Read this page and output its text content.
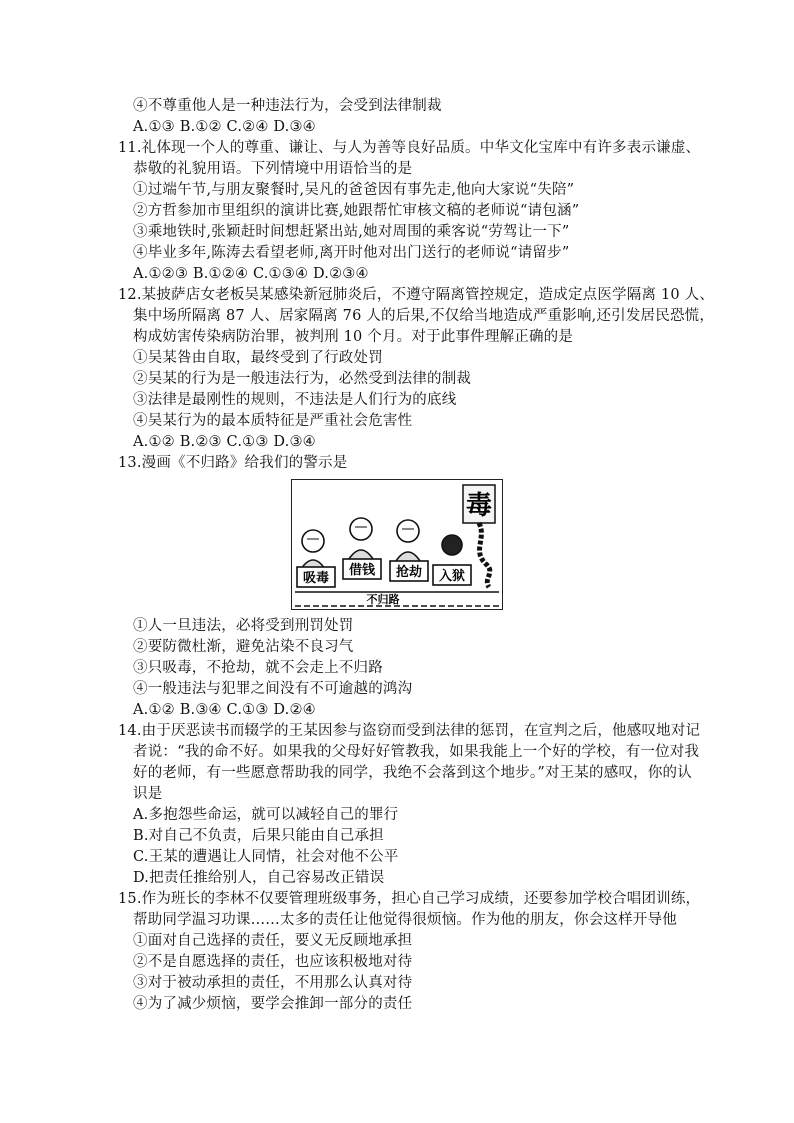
④不尊重他人是一种违法行为，会受到法律制裁
A.①③ B.①② C.②④ D.③④
11.礼体现一个人的尊重、谦让、与人为善等良好品质。中华文化宝库中有许多表示谦虚、
恭敬的礼貌用语。下列情境中用语恰当的是
①过端午节,与朋友聚餐时,吴凡的爸爸因有事先走,他向大家说“失陪”
②方哲参加市里组织的演讲比赛,她跟帮忙审核文稿的老师说“请包涵”
③乘地铁时,张颖赶时间想赶紧出站,她对周围的乘客说“劳驾让一下”
④毕业多年,陈涛去看望老师,离开时他对出门送行的老师说“请留步”
A.①②③ B.①②④ C.①③④ D.②③④
12.某披萨店女老板吴某感染新冠肺炎后，不遵守隔离管控规定，造成定点医学隔离 10 人、
集中场所隔离 87 人、居家隔离 76 人的后果,不仅给当地造成严重影响,还引发居民恐慌，
构成妨害传染病防治罪，被判刑 10 个月。对于此事件理解正确的是
①吴某咎由自取，最终受到了行政处罚
②吴某的行为是一般违法行为，必然受到法律的制裁
③法律是最刚性的规则，不违法是人们行为的底线
④吴某行为的最本质特征是严重社会危害性
A.①② B.②③ C.①③ D.③④
13.漫画《不归路》给我们的警示是
毒
吸毒
借钱 抢劫 入狱
不归路
①人一旦违法，必将受到刑罚处罚
②要防微杜渐，避免沾染不良习气
③只吸毒，不抢劫，就不会走上不归路
④一般违法与犯罪之间没有不可逾越的鸿沟
A.①② B.③④ C.①③ D.②④
14.由于厌恶读书而辍学的王某因参与盗窃而受到法律的惩罚，在宣判之后，他感叹地对记
者说：“我的命不好。如果我的父母好好管教我，如果我能上一个好的学校，有一位对我
好的老师，有一些愿意帮助我的同学，我绝不会落到这个地步。”对王某的感叹，你的认
识是
A.多抱怨些命运，就可以减轻自己的罪行
B.对自己不负责，后果只能由自己承担
C.王某的遭遇让人同情，社会对他不公平
D.把责任推给别人，自己容易改正错误
15.作为班长的李林不仅要管理班级事务，担心自己学习成绩，还要参加学校合唱团训练，
帮助同学温习功课……太多的责任让他觉得很烦恼。作为他的朋友，你会这样开导他
①面对自己选择的责任，要义无反顾地承担
②不是自愿选择的责任，也应该积极地对待
③对于被动承担的责任，不用那么认真对待
④为了减少烦恼，要学会推卸一部分的责任
